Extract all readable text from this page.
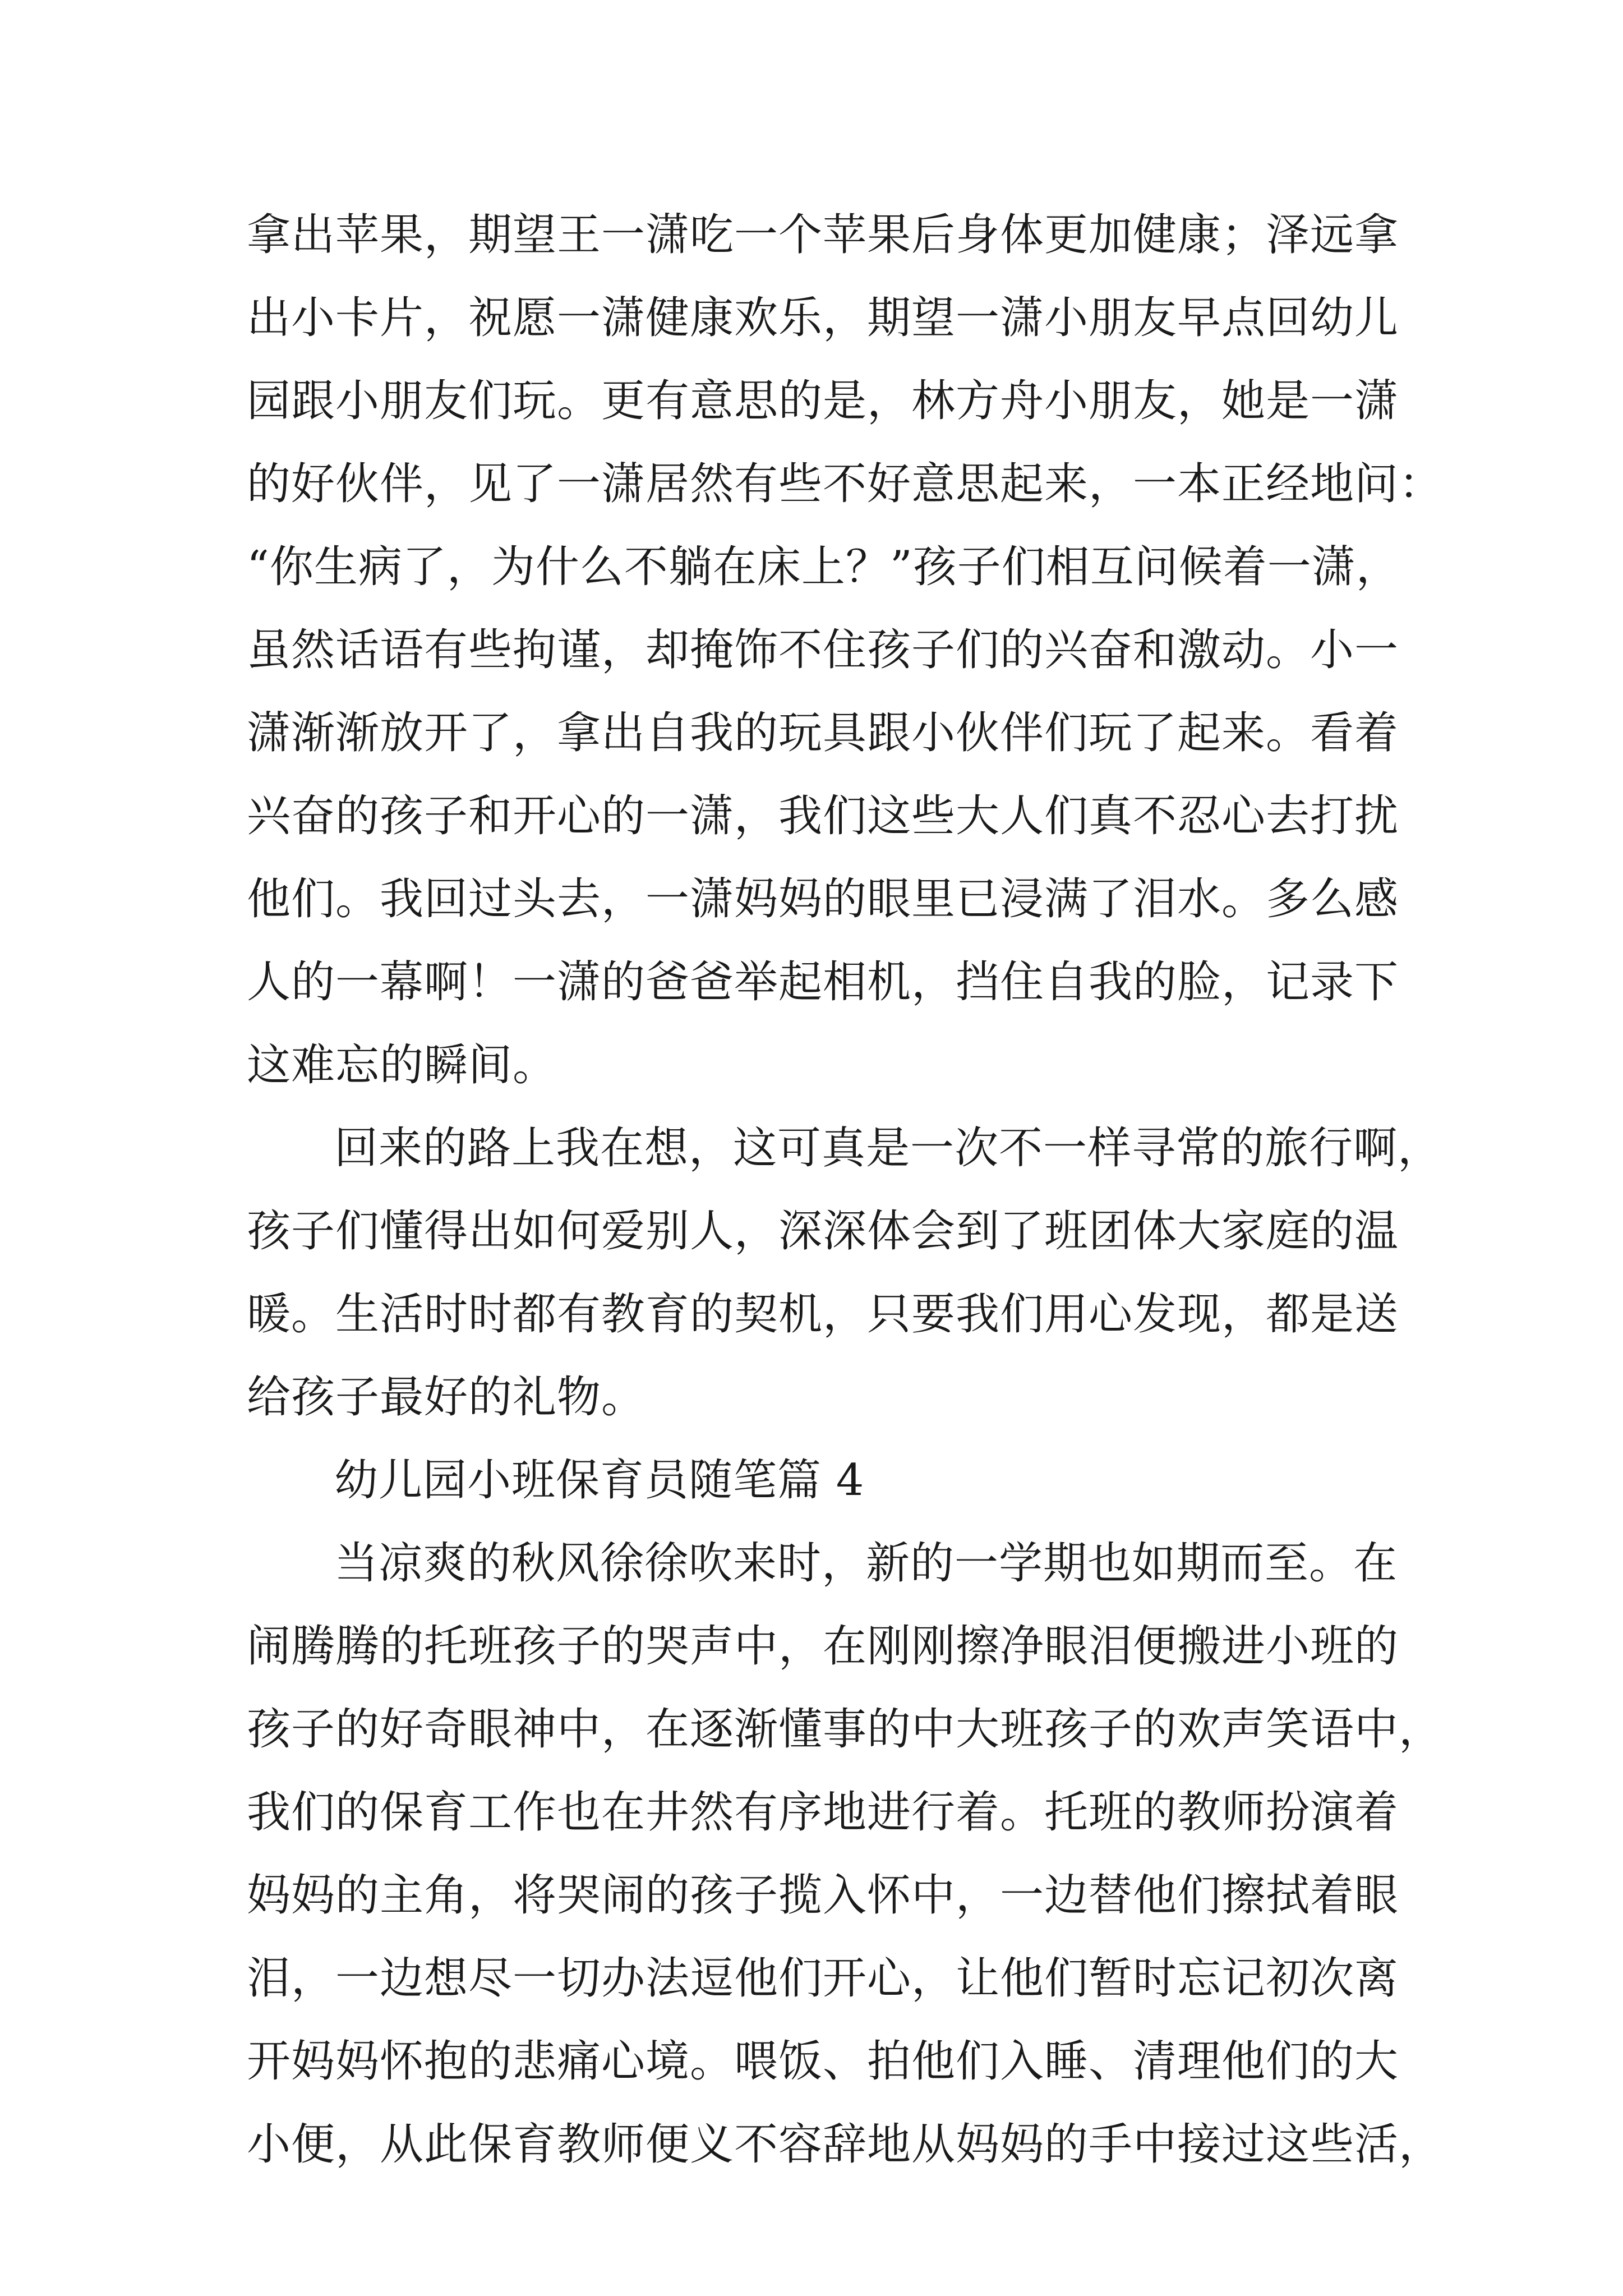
拿出苹果，期望王一潇吃一个苹果后身体更加健康；泽远拿
出小卡片，祝愿一潇健康欢乐，期望一潇小朋友早点回幼儿
园跟小朋友们玩。更有意思的是，林方舟小朋友，她是一潇
的好伙伴，见了一潇居然有些不好意思起来，一本正经地问：
“你生病了，为什么不躺在床上？”孩子们相互问候着一潇，
虽然话语有些拘谨，却掩饰不住孩子们的兴奋和激动。小一
潇渐渐放开了，拿出自我的玩具跟小伙伴们玩了起来。看着
兴奋的孩子和开心的一潇，我们这些大人们真不忍心去打扰
他们。我回过头去，一潇妈妈的眼里已浸满了泪水。多么感
人的一幕啊！一潇的爸爸举起相机，挡住自我的脸，记录下
这难忘的瞬间。
回来的路上我在想，这可真是一次不一样寻常的旅行啊，
孩子们懂得出如何爱别人，深深体会到了班团体大家庭的温
暖。生活时时都有教育的契机，只要我们用心发现，都是送
给孩子最好的礼物。
幼儿园小班保育员随笔篇 4
当凉爽的秋风徐徐吹来时，新的一学期也如期而至。在
闹腾腾的托班孩子的哭声中，在刚刚擦净眼泪便搬进小班的
孩子的好奇眼神中，在逐渐懂事的中大班孩子的欢声笑语中，
我们的保育工作也在井然有序地进行着。托班的教师扮演着
妈妈的主角，将哭闹的孩子揽入怀中，一边替他们擦拭着眼
泪，一边想尽一切办法逗他们开心，让他们暂时忘记初次离
开妈妈怀抱的悲痛心境。喂饭、拍他们入睡、清理他们的大
小便，从此保育教师便义不容辞地从妈妈的手中接过这些活，
